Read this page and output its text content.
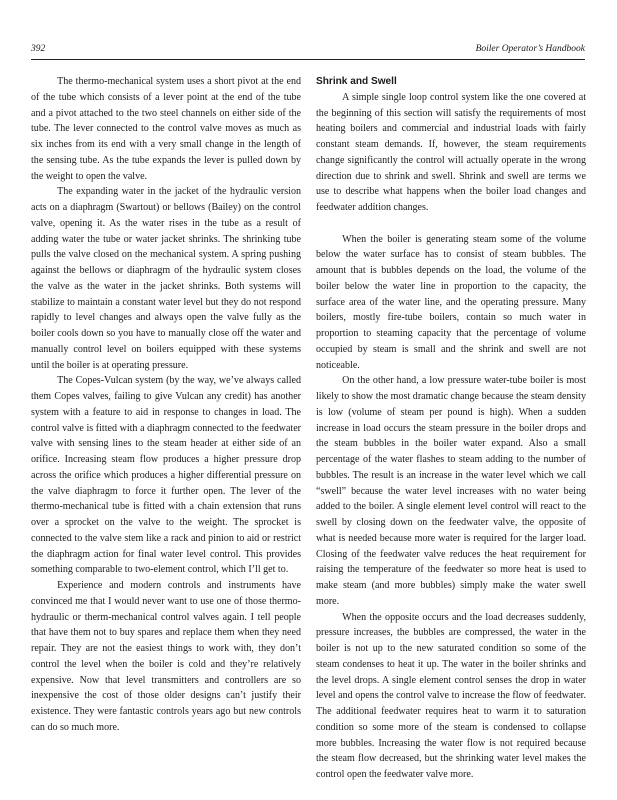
392	Boiler Operator’s Handbook

The thermo-mechanical system uses a short pivot at the end of the tube which consists of a lever point at the end of the tube and a pivot attached to the two steel channels on either side of the tube. The lever connected to the control valve moves as much as six inches from its end with a very small change in the length of the sensing tube. As the tube expands the lever is pulled down by the weight to open the valve.

The expanding water in the jacket of the hydraulic version acts on a diaphragm (Swartout) or bellows (Bailey) on the control valve, opening it. As the water rises in the tube as a result of adding water the tube or water jacket shrinks. The shrinking tube pulls the valve closed on the mechanical system. A spring pushing against the bellows or diaphragm of the hydraulic system closes the valve as the water in the jacket shrinks. Both systems will stabilize to maintain a constant water level but they do not respond rapidly to level changes and always open the valve fully as the boiler cools down so you have to manually close off the water and manually control level on boilers equipped with these systems until the boiler is at operating pressure.

The Copes-Vulcan system (by the way, we’ve always called them Copes valves, failing to give Vulcan any credit) has another system with a feature to aid in response to changes in load. The control valve is fitted with a diaphragm connected to the feedwater valve with sensing lines to the steam header at either side of an orifice. Increasing steam flow produces a higher pressure drop across the orifice which produces a higher differential pressure on the valve diaphragm to force it further open. The lever of the thermo-mechanical tube is fitted with a chain extension that runs over a sprocket on the valve to the weight. The sprocket is connected to the valve stem like a rack and pinion to aid or restrict the diaphragm action for final water level control. This provides something comparable to two-element control, which I’ll get to.

Experience and modern controls and instruments have convinced me that I would never want to use one of those thermo-hydraulic or therm-mechanical control valves again. I tell people that have them not to buy spares and replace them when they need repair. They are not the easiest things to work with, they don’t control the level when the boiler is cold and they’re relatively expensive. Now that level transmitters and controllers are so inexpensive the cost of those older designs can’t justify their existence. They were fantastic controls years ago but new controls can do so much more.

Shrink and Swell

A simple single loop control system like the one covered at the beginning of this section will satisfy the requirements of most heating boilers and commercial and industrial loads with fairly constant steam demands. If, however, the steam requirements change significantly the control will actually operate in the wrong direction due to shrink and swell. Shrink and swell are terms we use to describe what happens when the boiler load changes and feedwater addition changes.

When the boiler is generating steam some of the volume below the water surface has to consist of steam bubbles. The amount that is bubbles depends on the load, the volume of the boiler below the water line in proportion to the capacity, the surface area of the water line, and the operating pressure. Many boilers, mostly fire-tube boilers, contain so much water in proportion to steaming capacity that the percentage of volume occupied by steam is small and the shrink and swell are not noticeable.

On the other hand, a low pressure water-tube boiler is most likely to show the most dramatic change because the steam density is low (volume of steam per pound is high). When a sudden increase in load occurs the steam pressure in the boiler drops and the steam bubbles in the boiler water expand. Also a small percentage of the water flashes to steam adding to the number of bubbles. The result is an increase in the water level which we call “swell” because the water level increases with no water being added to the boiler. A single element level control will react to the swell by closing down on the feedwater valve, the opposite of what is needed because more water is required for the larger load. Closing of the feedwater valve reduces the heat requirement for raising the temperature of the feedwater so more heat is used to make steam (and more bubbles) simply make the water swell more.

When the opposite occurs and the load decreases suddenly, pressure increases, the bubbles are compressed, the water in the boiler is not up to the new saturated condition so some of the steam condenses to heat it up. The water in the boiler shrinks and the level drops. A single element control senses the drop in water level and opens the control valve to increase the flow of feedwater. The additional feedwater requires heat to warm it to saturation condition so some more of the steam is condensed to collapse more bubbles. Increasing the water flow is not required because the steam flow decreased, but the shrinking water level makes the control open the feedwater valve more.
